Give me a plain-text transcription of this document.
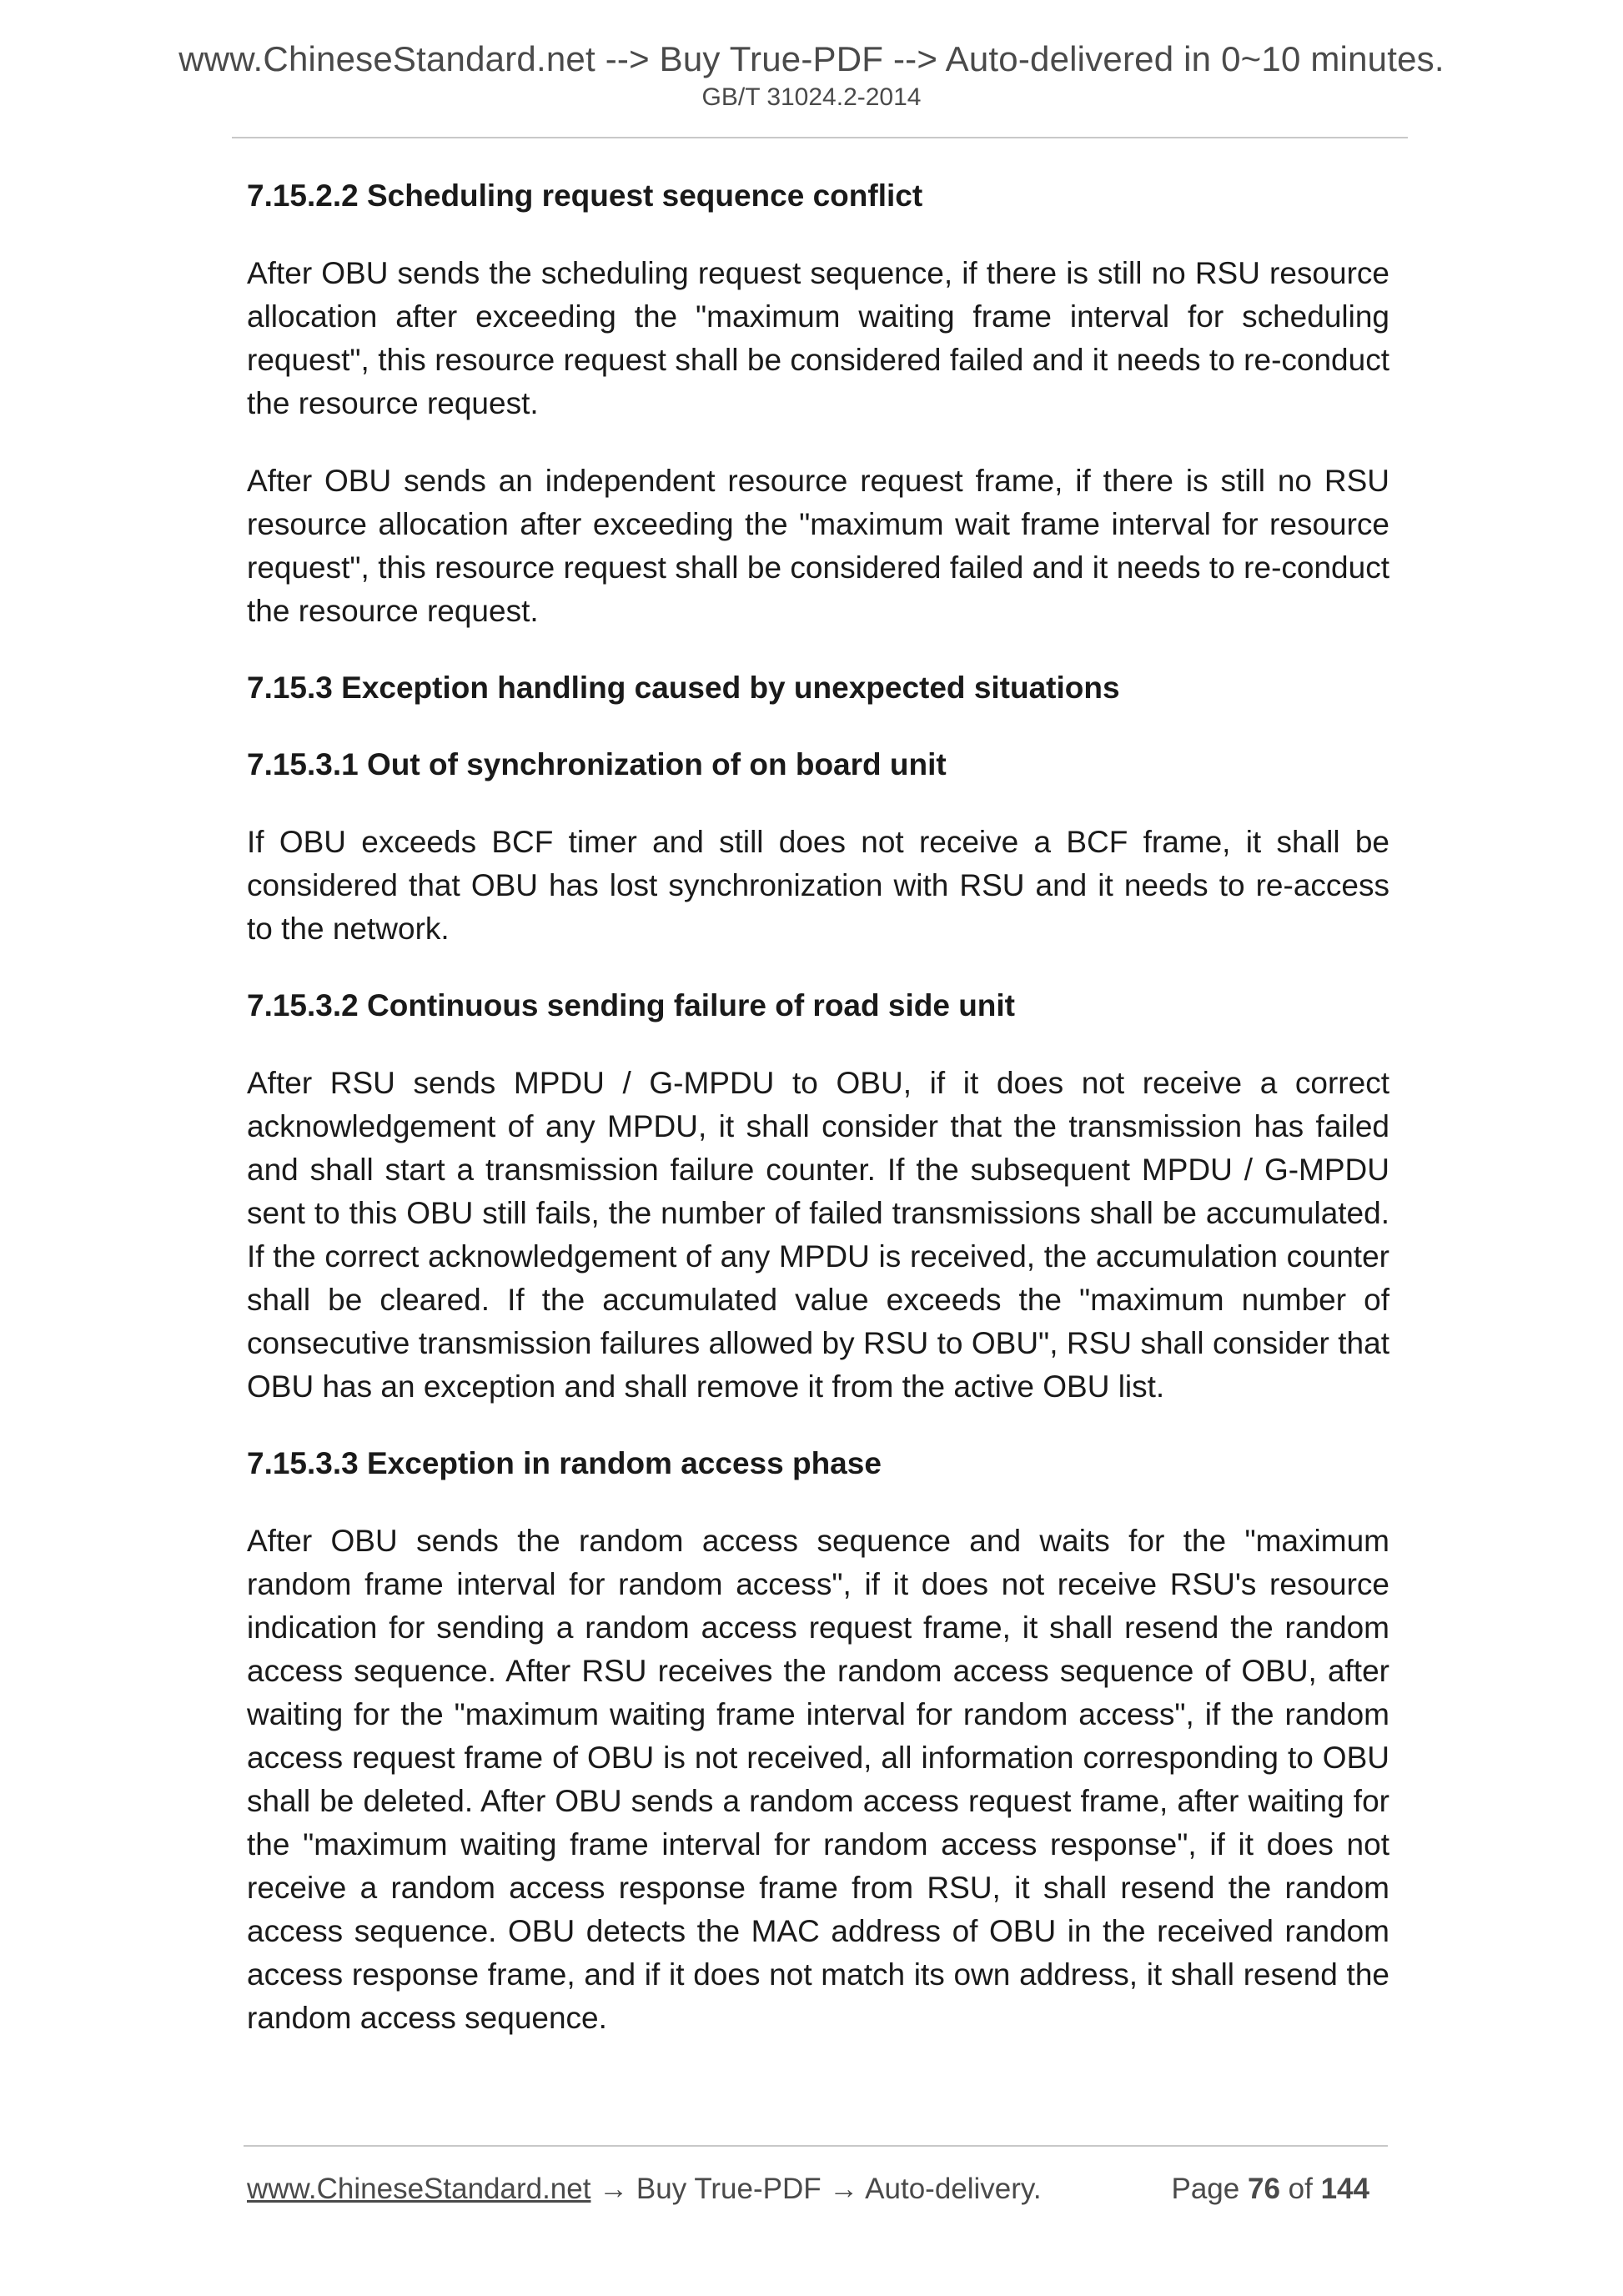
www.ChineseStandard.net --> Buy True-PDF --> Auto-delivered in 0~10 minutes.
GB/T 31024.2-2014
7.15.2.2 Scheduling request sequence conflict
After OBU sends the scheduling request sequence, if there is still no RSU resource allocation after exceeding the "maximum waiting frame interval for scheduling request", this resource request shall be considered failed and it needs to re-conduct the resource request.
After OBU sends an independent resource request frame, if there is still no RSU resource allocation after exceeding the "maximum wait frame interval for resource request", this resource request shall be considered failed and it needs to re-conduct the resource request.
7.15.3 Exception handling caused by unexpected situations
7.15.3.1 Out of synchronization of on board unit
If OBU exceeds BCF timer and still does not receive a BCF frame, it shall be considered that OBU has lost synchronization with RSU and it needs to re-access to the network.
7.15.3.2 Continuous sending failure of road side unit
After RSU sends MPDU / G-MPDU to OBU, if it does not receive a correct acknowledgement of any MPDU, it shall consider that the transmission has failed and shall start a transmission failure counter. If the subsequent MPDU / G-MPDU sent to this OBU still fails, the number of failed transmissions shall be accumulated. If the correct acknowledgement of any MPDU is received, the accumulation counter shall be cleared. If the accumulated value exceeds the "maximum number of consecutive transmission failures allowed by RSU to OBU", RSU shall consider that OBU has an exception and shall remove it from the active OBU list.
7.15.3.3 Exception in random access phase
After OBU sends the random access sequence and waits for the "maximum random frame interval for random access", if it does not receive RSU's resource indication for sending a random access request frame, it shall resend the random access sequence. After RSU receives the random access sequence of OBU, after waiting for the "maximum waiting frame interval for random access", if the random access request frame of OBU is not received, all information corresponding to OBU shall be deleted. After OBU sends a random access request frame, after waiting for the "maximum waiting frame interval for random access response", if it does not receive a random access response frame from RSU, it shall resend the random access sequence. OBU detects the MAC address of OBU in the received random access response frame, and if it does not match its own address, it shall resend the random access sequence.
www.ChineseStandard.net → Buy True-PDF → Auto-delivery.	Page 76 of 144
